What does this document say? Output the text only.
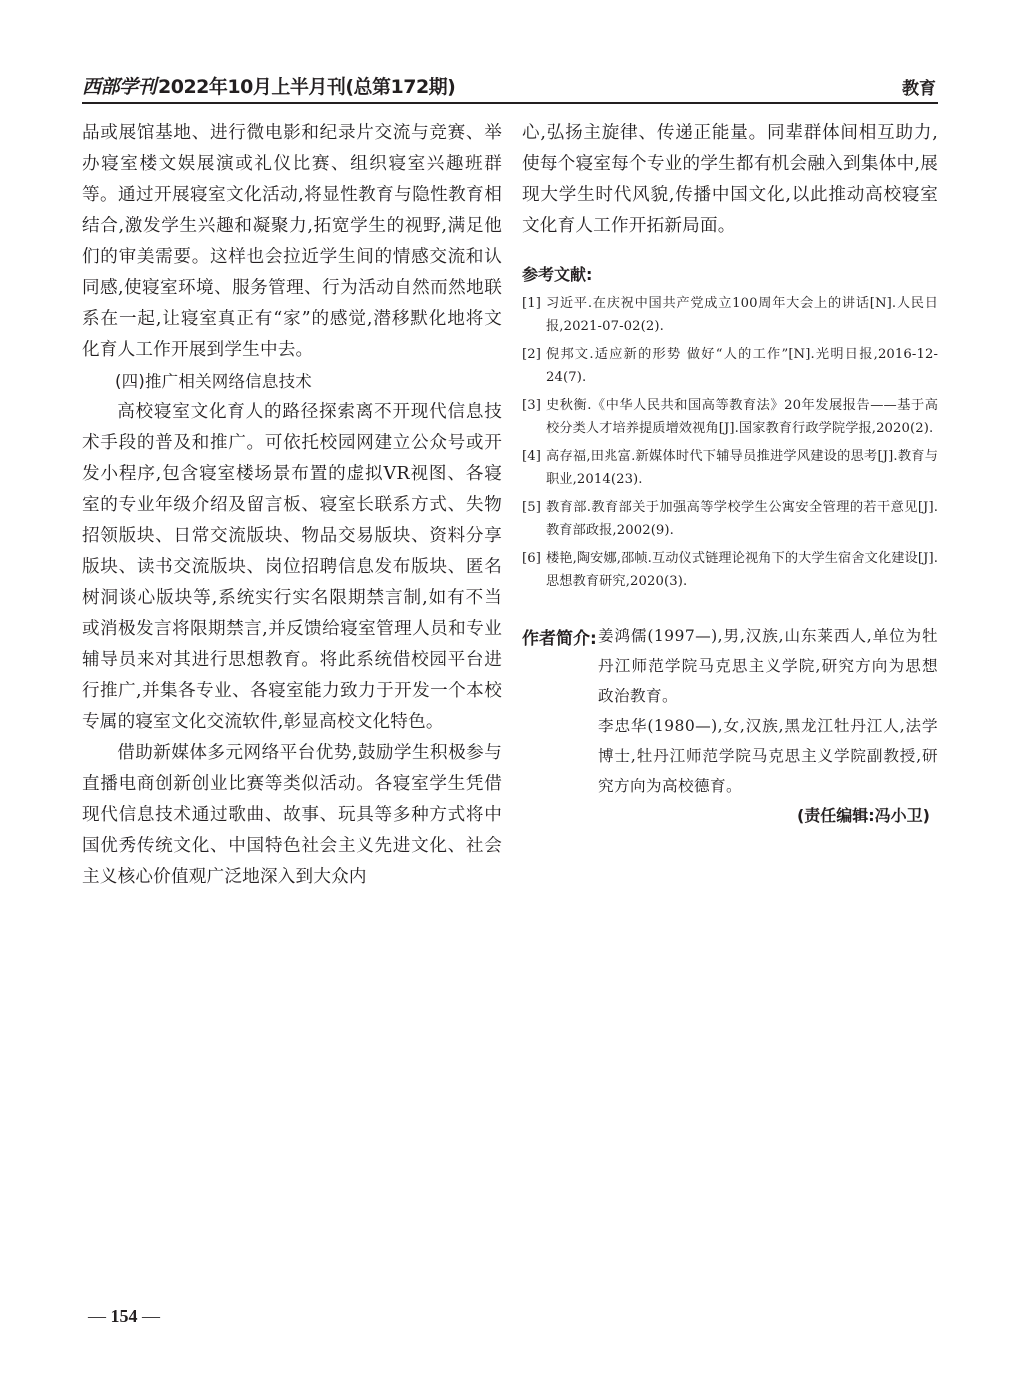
西部学刊 2022年10月上半月刊(总第172期)	教育

品或展馆基地、进行微电影和纪录片交流与竞赛、举办寝室楼文娱展演或礼仪比赛、组织寝室兴趣班群等。通过开展寝室文化活动,将显性教育与隐性教育相结合,激发学生兴趣和凝聚力,拓宽学生的视野,满足他们的审美需要。这样也会拉近学生间的情感交流和认同感,使寝室环境、服务管理、行为活动自然而然地联系在一起,让寝室真正有“家”的感觉,潜移默化地将文化育人工作开展到学生中去。

(四)推广相关网络信息技术

高校寝室文化育人的路径探索离不开现代信息技术手段的普及和推广。可依托校园网建立公众号或开发小程序,包含寝室楼场景布置的虚拟VR视图、各寝室的专业年级介绍及留言板、寝室长联系方式、失物招领版块、日常交流版块、物品交易版块、资料分享版块、读书交流版块、岗位招聘信息发布版块、匿名树洞谈心版块等,系统实行实名限期禁言制,如有不当或消极发言将限期禁言,并反馈给寝室管理人员和专业辅导员来对其进行思想教育。将此系统借校园平台进行推广,并集各专业、各寝室能力致力于开发一个本校专属的寝室文化交流软件,彰显高校文化特色。

借助新媒体多元网络平台优势,鼓励学生积极参与直播电商创新创业比赛等类似活动。各寝室学生凭借现代信息技术通过歌曲、故事、玩具等多种方式将中国优秀传统文化、中国特色社会主义先进文化、社会主义核心价值观广泛地深入到大众内

心,弘扬主旋律、传递正能量。同辈群体间相互助力,使每个寝室每个专业的学生都有机会融入到集体中,展现大学生时代风貌,传播中国文化,以此推动高校寝室文化育人工作开拓新局面。

参考文献:
[1] 习近平.在庆祝中国共产党成立100周年大会上的讲话[N].人民日报,2021-07-02(2).
[2] 倪邦文.适应新的形势 做好“人的工作”[N].光明日报,2016-12-24(7).
[3] 史秋衡.《中华人民共和国高等教育法》20年发展报告——基于高校分类人才培养提质增效视角[J].国家教育行政学院学报,2020(2).
[4] 高存福,田兆富.新媒体时代下辅导员推进学风建设的思考[J].教育与职业,2014(23).
[5] 教育部.教育部关于加强高等学校学生公寓安全管理的若干意见[J].教育部政报,2002(9).
[6] 楼艳,陶安娜,邵帧.互动仪式链理论视角下的大学生宿舍文化建设[J].思想教育研究,2020(3).
作者简介: 姜鸿儒(1997—),男,汉族,山东莱西人,单位为牡丹江师范学院马克思主义学院,研究方向为思想政治教育。

李忠华(1980—),女,汉族,黑龙江牡丹江人,法学博士,牡丹江师范学院马克思主义学院副教授,研究方向为高校德育。

(责任编辑:冯小卫)
— 154 —
